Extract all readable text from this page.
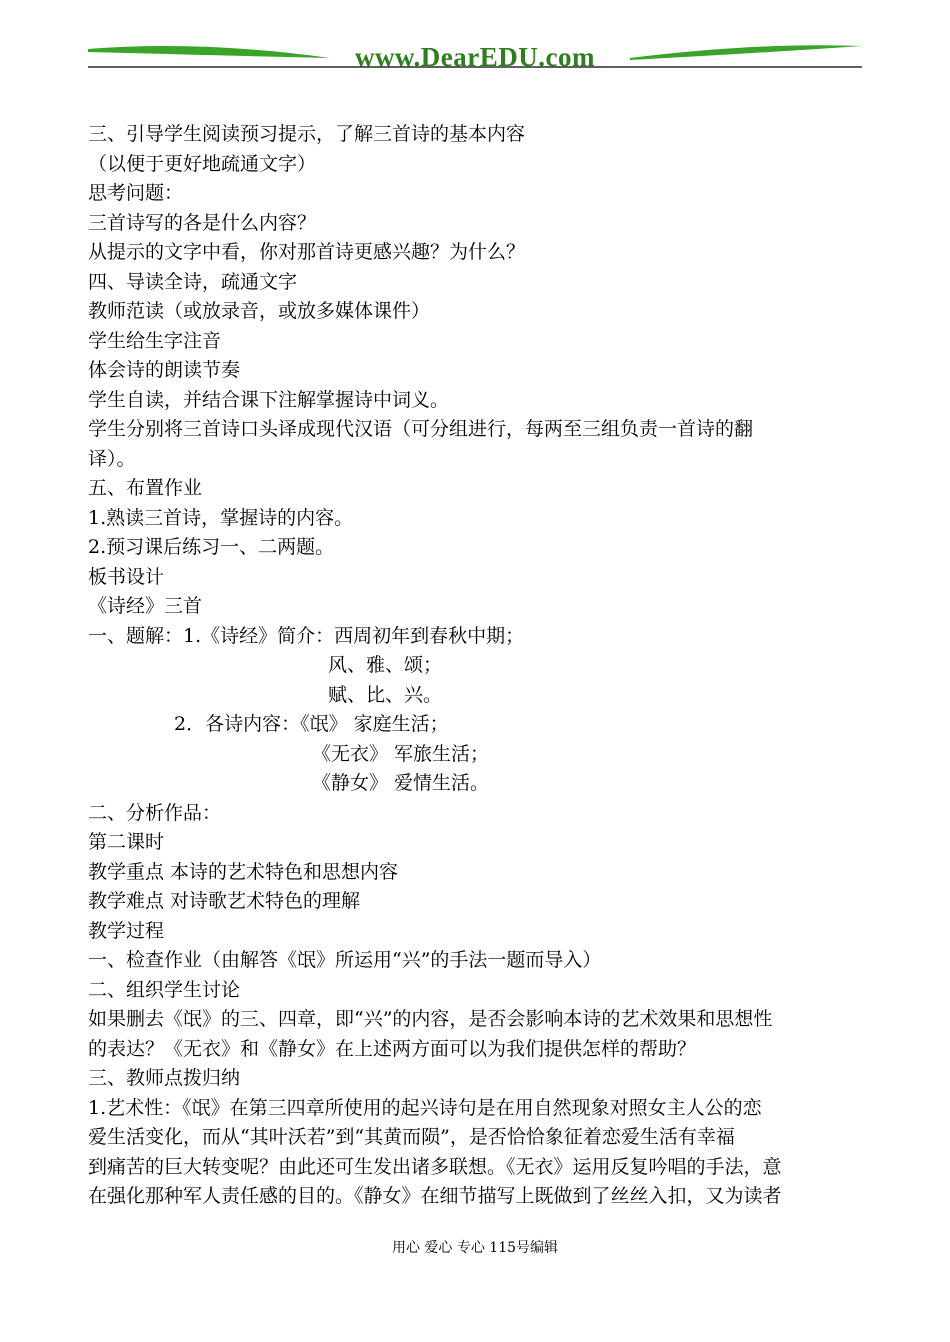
www.DearEDU.com
三、引导学生阅读预习提示，了解三首诗的基本内容
（以便于更好地疏通文字）
思考问题：
三首诗写的各是什么内容？
从提示的文字中看，你对那首诗更感兴趣？为什么？
四、导读全诗，疏通文字
教师范读（或放录音，或放多媒体课件）
学生给生字注音
体会诗的朗读节奏
学生自读，并结合课下注解掌握诗中词义。
学生分别将三首诗口头译成现代汉语（可分组进行，每两至三组负责一首诗的翻
译）。
五、布置作业
1.熟读三首诗，掌握诗的内容。
2.预习课后练习一、二两题。
板书设计
《诗经》三首
一、题解：1.《诗经》简介：西周初年到春秋中期；
风、雅、颂；
赋、比、兴。
2．各诗内容：《氓》 家庭生活；
《无衣》 军旅生活；
《静女》 爱情生活。
二、分析作品：
第二课时
教学重点 本诗的艺术特色和思想内容
教学难点 对诗歌艺术特色的理解
教学过程
一、检查作业（由解答《氓》所运用“兴”的手法一题而导入）
二、组织学生讨论
如果删去《氓》的三、四章，即“兴”的内容，是否会影响本诗的艺术效果和思想性
的表达？《无衣》和《静女》在上述两方面可以为我们提供怎样的帮助？
三、教师点拨归纳
1.艺术性：《氓》在第三四章所使用的起兴诗句是在用自然现象对照女主人公的恋
爱生活变化，而从“其叶沃若”到“其黄而陨”，是否恰恰象征着恋爱生活有幸福
到痛苦的巨大转变呢？由此还可生发出诸多联想。《无衣》运用反复吟唱的手法，意
在强化那种军人责任感的目的。《静女》在细节描写上既做到了丝丝入扣，又为读者
用心 爱心 专心 115号编辑
